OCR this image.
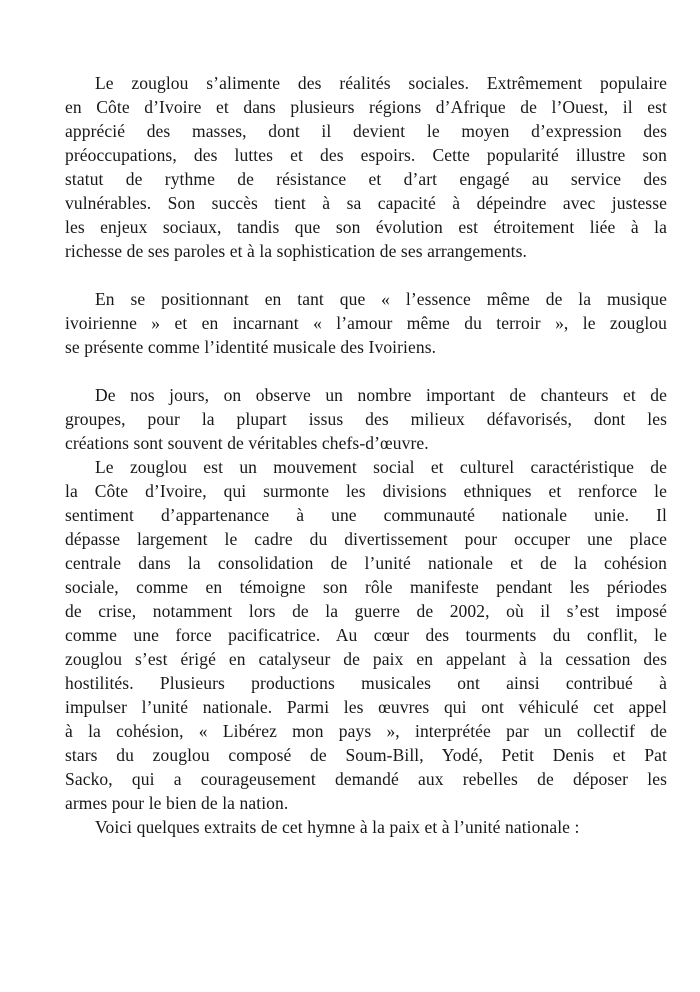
Le zouglou s’alimente des réalités sociales. Extrêmement populaire
en Côte d’Ivoire et dans plusieurs régions d’Afrique de l’Ouest, il est
apprécié des masses, dont il devient le moyen d’expression des
préoccupations, des luttes et des espoirs. Cette popularité illustre son
statut de rythme de résistance et d’art engagé au service des
vulnérables. Son succès tient à sa capacité à dépeindre avec justesse
les enjeux sociaux, tandis que son évolution est étroitement liée à la
richesse de ses paroles et à la sophistication de ses arrangements.
En se positionnant en tant que « l’essence même de la musique
ivoirienne » et en incarnant « l’amour même du terroir », le zouglou
se présente comme l’identité musicale des Ivoiriens.
De nos jours, on observe un nombre important de chanteurs et de
groupes, pour la plupart issus des milieux défavorisés, dont les
créations sont souvent de véritables chefs-d’œuvre.
Le zouglou est un mouvement social et culturel caractéristique de
la Côte d’Ivoire, qui surmonte les divisions ethniques et renforce le
sentiment d’appartenance à une communauté nationale unie. Il
dépasse largement le cadre du divertissement pour occuper une place
centrale dans la consolidation de l’unité nationale et de la cohésion
sociale, comme en témoigne son rôle manifeste pendant les périodes
de crise, notamment lors de la guerre de 2002, où il s’est imposé
comme une force pacificatrice. Au cœur des tourments du conflit, le
zouglou s’est érigé en catalyseur de paix en appelant à la cessation des
hostilités. Plusieurs productions musicales ont ainsi contribué à
impulser l’unité nationale. Parmi les œuvres qui ont véhiculé cet appel
à la cohésion, « Libérez mon pays », interprétée par un collectif de
stars du zouglou composé de Soum-Bill, Yodé, Petit Denis et Pat
Sacko, qui a courageusement demandé aux rebelles de déposer les
armes pour le bien de la nation.
Voici quelques extraits de cet hymne à la paix et à l’unité nationale :
